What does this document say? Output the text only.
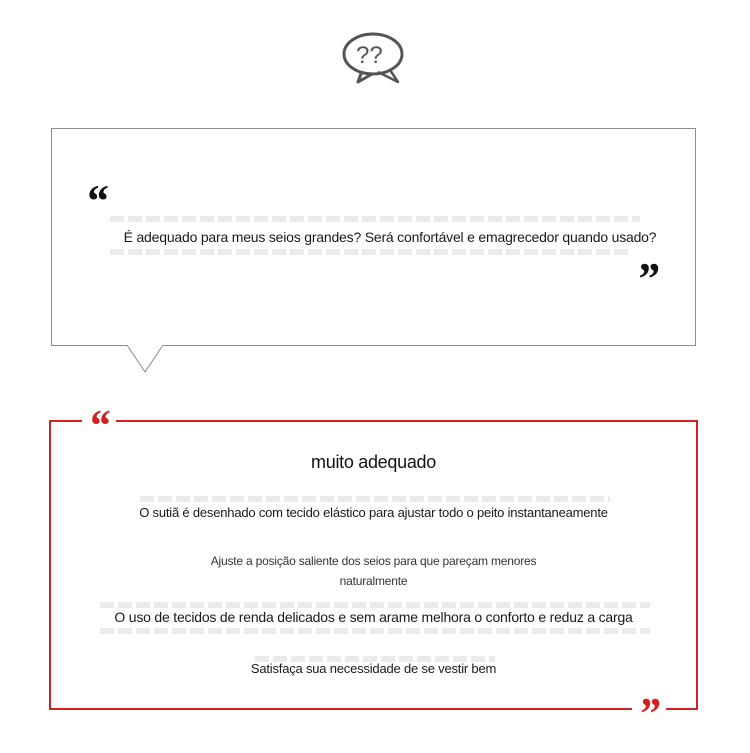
??
“
É adequado para meus seios grandes? Será confortável e emagrecedor quando usado?
”
“
”
muito adequado
O sutiã é desenhado com tecido elástico para ajustar todo o peito instantaneamente
Ajuste a posição saliente dos seios para que pareçam menores
naturalmente
O uso de tecidos de renda delicados e sem arame melhora o conforto e reduz a carga
Satisfaça sua necessidade de se vestir bem
